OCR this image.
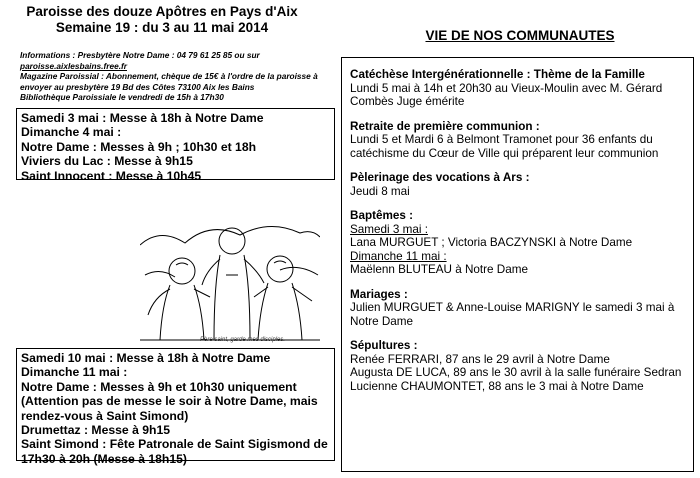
Paroisse des douze Apôtres en Pays d'Aix
Semaine 19 : du 3 au 11 mai 2014
Informations : Presbytère Notre Dame : 04 79 61 25 85 ou sur
paroisse.aixlesbains.free.fr
Magazine Paroissial : Abonnement, chèque de 15€ à l'ordre de la paroisse à
envoyer au presbytère 19 Bd des Côtes 73100 Aix les Bains
Bibliothèque Paroissiale le vendredi de 15h à 17h30
Samedi 3 mai : Messe à 18h à Notre Dame
Dimanche 4 mai :
Notre Dame : Messes à 9h ; 10h30 et 18h
Viviers du Lac : Messe à 9h15
Saint Innocent : Messe à 10h45
Père saint, garde mes disciples.
Samedi 10 mai : Messe à 18h à Notre Dame
Dimanche 11 mai :
Notre Dame : Messes à 9h et 10h30 uniquement
(Attention pas de messe le soir à Notre Dame, mais rendez-vous à Saint Simond)
Drumettaz : Messe à 9h15
Saint Simond : Fête Patronale de Saint Sigismond de 17h30 à 20h (Messe à 18h15)
VIE DE NOS COMMUNAUTES
Catéchèse Intergénérationnelle : Thème de la Famille
Lundi 5 mai à 14h et 20h30 au Vieux-Moulin avec M. Gérard
Combès Juge émérite
Retraite de première communion :
Lundi 5 et Mardi 6 à Belmont Tramonet pour 36 enfants du
catéchisme du Cœur de Ville qui préparent leur communion
Pèlerinage des vocations à Ars :
Jeudi 8 mai
Baptêmes :
Samedi 3 mai :
Lana MURGUET ; Victoria BACZYNSKI à Notre Dame
Dimanche 11 mai :
Maëlenn BLUTEAU à Notre Dame
Mariages :
Julien MURGUET & Anne-Louise MARIGNY le samedi 3 mai à
Notre Dame
Sépultures :
Renée FERRARI, 87 ans le 29 avril à Notre Dame
Augusta DE LUCA, 89 ans le 30 avril à la salle funéraire Sedran
Lucienne CHAUMONTET, 88 ans le 3 mai à Notre Dame
